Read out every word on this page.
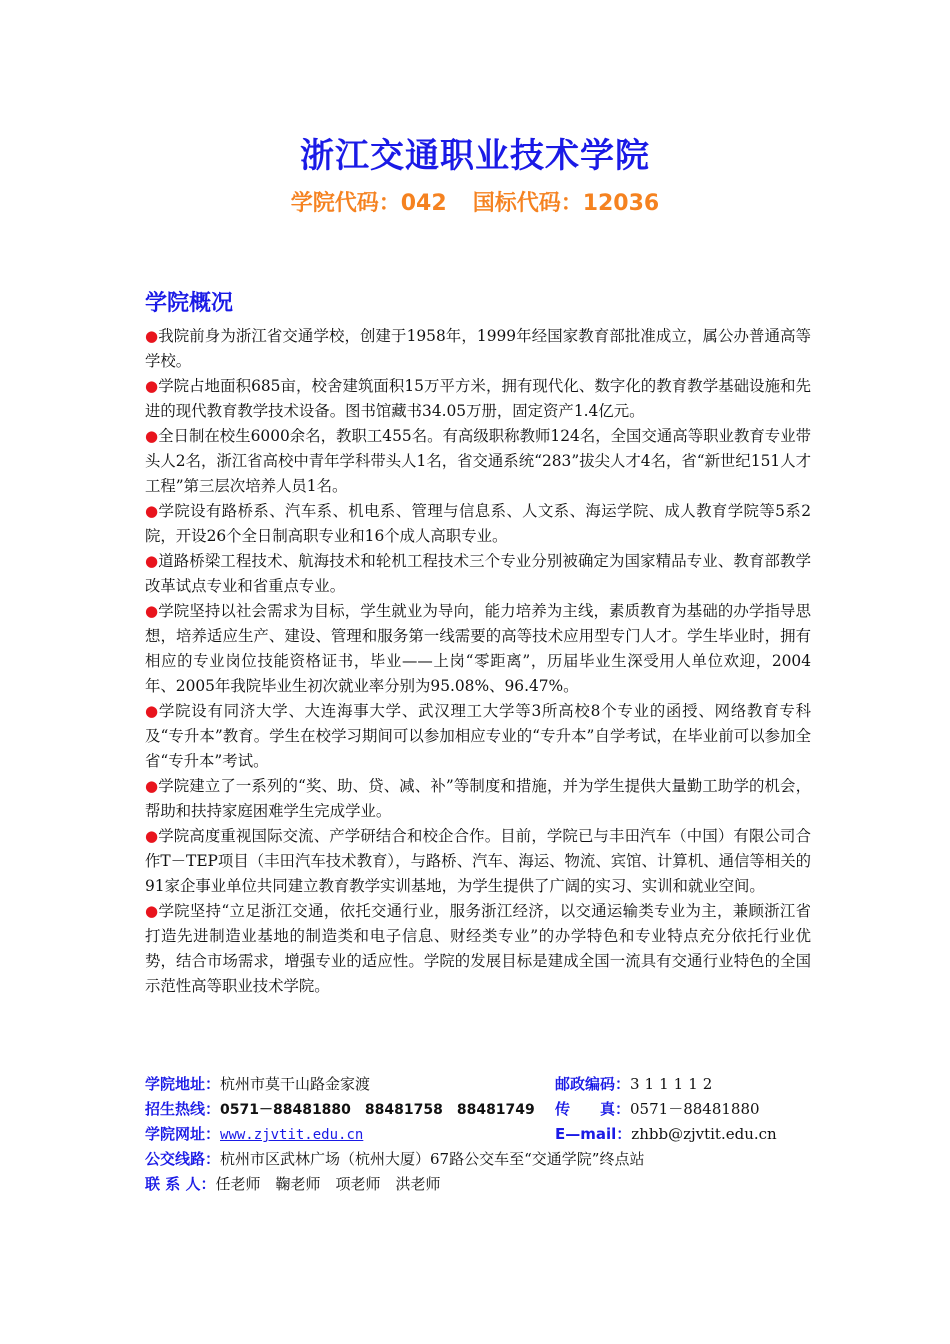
浙江交通职业技术学院
学院代码：042 国标代码：12036
学院概况

●我院前身为浙江省交通学校，创建于1958年，1999年经国家教育部批准成立，属公办普通高等学校。

●学院占地面积685亩，校舍建筑面积15万平方米，拥有现代化、数字化的教育教学基础设施和先进的现代教育教学技术设备。图书馆藏书34.05万册，固定资产1.4亿元。

●全日制在校生6000余名，教职工455名。有高级职称教师124名，全国交通高等职业教育专业带头人2名，浙江省高校中青年学科带头人1名，省交通系统“283”拔尖人才4名，省“新世纪151人才工程”第三层次培养人员1名。

●学院设有路桥系、汽车系、机电系、管理与信息系、人文系、海运学院、成人教育学院等5系2院，开设26个全日制高职专业和16个成人高职专业。

●道路桥梁工程技术、航海技术和轮机工程技术三个专业分别被确定为国家精品专业、教育部教学改革试点专业和省重点专业。

●学院坚持以社会需求为目标，学生就业为导向，能力培养为主线，素质教育为基础的办学指导思想，培养适应生产、建设、管理和服务第一线需要的高等技术应用型专门人才。学生毕业时，拥有相应的专业岗位技能资格证书，毕业——上岗“零距离”，历届毕业生深受用人单位欢迎，2004年、2005年我院毕业生初次就业率分别为95.08%、96.47%。

●学院设有同济大学、大连海事大学、武汉理工大学等3所高校8个专业的函授、网络教育专科及“专升本”教育。学生在校学习期间可以参加相应专业的“专升本”自学考试，在毕业前可以参加全省“专升本”考试。

●学院建立了一系列的“奖、助、贷、减、补”等制度和措施，并为学生提供大量勤工助学的机会，帮助和扶持家庭困难学生完成学业。

●学院高度重视国际交流、产学研结合和校企合作。目前，学院已与丰田汽车（中国）有限公司合作T－TEP项目（丰田汽车技术教育），与路桥、汽车、海运、物流、宾馆、计算机、通信等相关的91家企事业单位共同建立教育教学实训基地，为学生提供了广阔的实习、实训和就业空间。

●学院坚持“立足浙江交通，依托交通行业，服务浙江经济，以交通运输类专业为主，兼顾浙江省打造先进制造业基地的制造类和电子信息、财经类专业”的办学特色和专业特点充分依托行业优势，结合市场需求，增强专业的适应性。学院的发展目标是建成全国一流具有交通行业特色的全国示范性高等职业技术学院。

学院地址：杭州市莫干山路金家渡	邮政编码：311112
招生热线：0571－88481880　88481758　88481749 传　　真：0571－88481880
学院网址：www.zjvtit.edu.cn	E—mail：zhbb@zjvtit.edu.cn
公交线路：杭州市区武林广场（杭州大厦）67路公交车至“交通学院”终点站
联 系 人：任老师　鞠老师　项老师　洪老师
